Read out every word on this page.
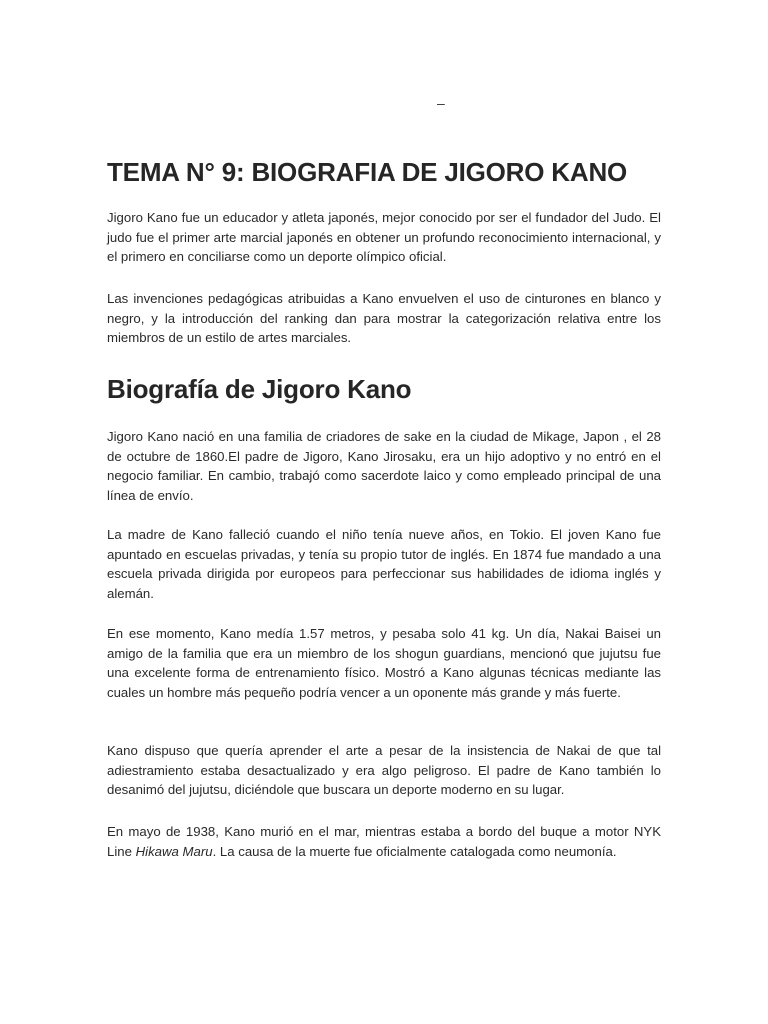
–
TEMA N° 9: BIOGRAFIA DE JIGORO KANO

Jigoro Kano fue un educador y atleta japonés, mejor conocido por ser el fundador del Judo. El judo fue el primer arte marcial japonés en obtener un profundo reconocimiento internacional, y el primero en conciliarse como un deporte olímpico oficial.

Las invenciones pedagógicas atribuidas a Kano envuelven el uso de cinturones en blanco y negro, y la introducción del ranking dan para mostrar la categorización relativa entre los miembros de un estilo de artes marciales.

Biografía de Jigoro Kano

Jigoro Kano nació en una familia de criadores de sake en la ciudad de Mikage, Japon , el 28 de octubre de 1860.El padre de Jigoro, Kano Jirosaku, era un hijo adoptivo y no entró en el negocio familiar. En cambio, trabajó como sacerdote laico y como empleado principal de una línea de envío.

La madre de Kano falleció cuando el niño tenía nueve años, en Tokio. El joven Kano fue apuntado en escuelas privadas, y tenía su propio tutor de inglés. En 1874 fue mandado a una escuela privada dirigida por europeos para perfeccionar sus habilidades de idioma inglés y alemán.

En ese momento, Kano medía 1.57 metros, y pesaba solo 41 kg. Un día, Nakai Baisei un amigo de la familia que era un miembro de los shogun guardians, mencionó que jujutsu fue una excelente forma de entrenamiento físico. Mostró a Kano algunas técnicas mediante las cuales un hombre más pequeño podría vencer a un oponente más grande y más fuerte.

Kano dispuso que quería aprender el arte a pesar de la insistencia de Nakai de que tal adiestramiento estaba desactualizado y era algo peligroso. El padre de Kano también lo desanimó del jujutsu, diciéndole que buscara un deporte moderno en su lugar.

En mayo de 1938, Kano murió en el mar, mientras estaba a bordo del buque a motor NYK Line Hikawa Maru. La causa de la muerte fue oficialmente catalogada como neumonía.
